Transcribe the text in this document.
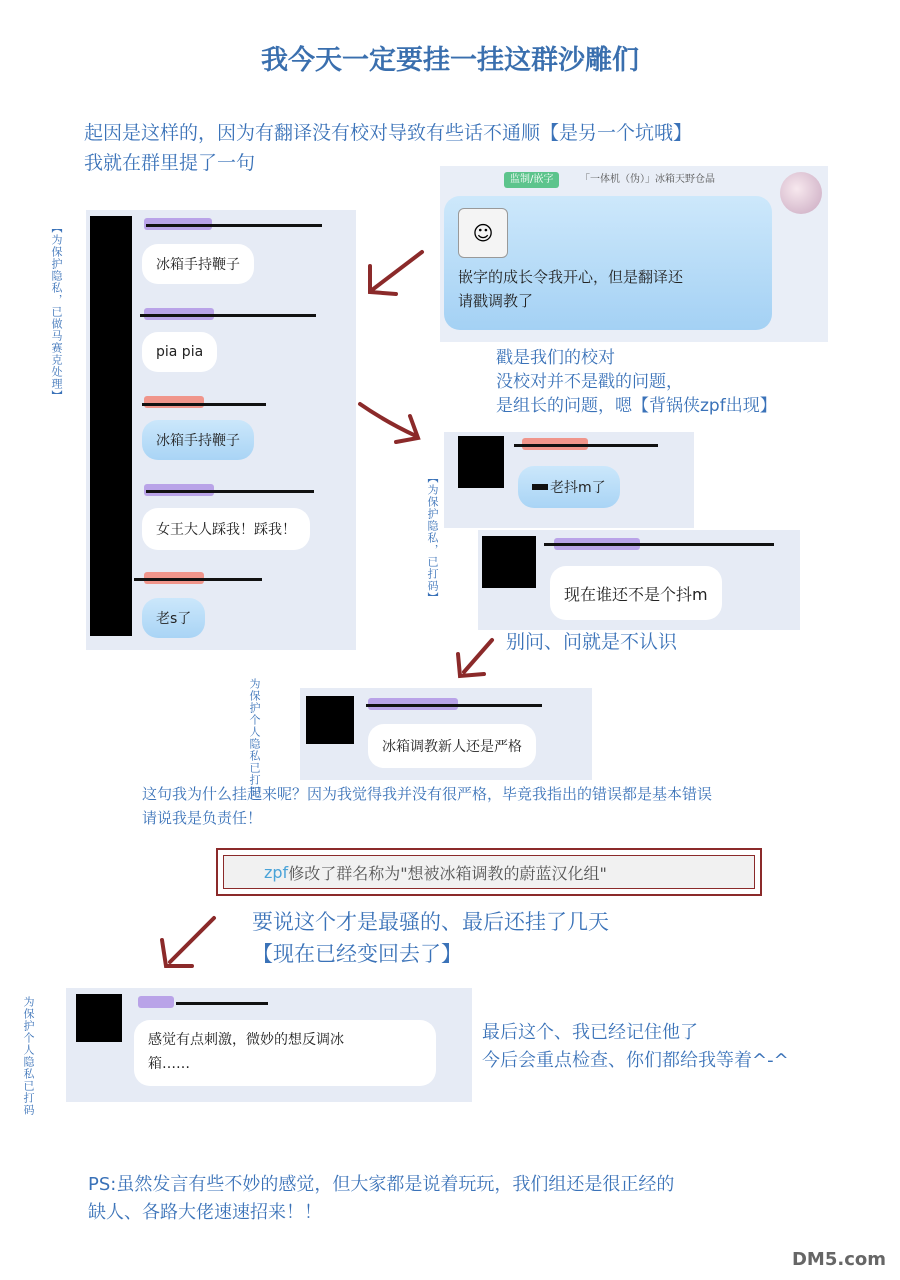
我今天一定要挂一挂这群沙雕们
起因是这样的，因为有翻译没有校对导致有些话不通顺【是另一个坑哦】
我就在群里提了一句
监制/嵌字	「一体机（伪）」冰箱天野仓晶
☺
嵌字的成长令我开心，但是翻译还
请戳调教了
【为保护隐私，已做马赛克处理】	冰箱手持鞭子
pia pia
冰箱手持鞭子
女王大人踩我！踩我！
老s了
戳是我们的校对
没校对并不是戳的问题，
是组长的问题，嗯【背锅侠zpf出现】
【为保护隐私，已打码】	老抖m了
现在谁还不是个抖m
别问、问就是不认识
为保护个人隐私已打码	冰箱调教新人还是严格
这句我为什么挂起来呢？因为我觉得我并没有很严格，毕竟我指出的错误都是基本错误
请说我是负责任！
zpf 修改了群名称为"想被冰箱调教的蔚蓝汉化组"
要说这个才是最骚的、最后还挂了几天
【现在已经变回去了】
为保护个人隐私已打码	感觉有点刺激，微妙的想反调冰
箱……
最后这个、我已经记住他了
今后会重点检查、你们都给我等着^-^
PS:虽然发言有些不妙的感觉，但大家都是说着玩玩，我们组还是很正经的
缺人、各路大佬速速招来！！
DM5.com
